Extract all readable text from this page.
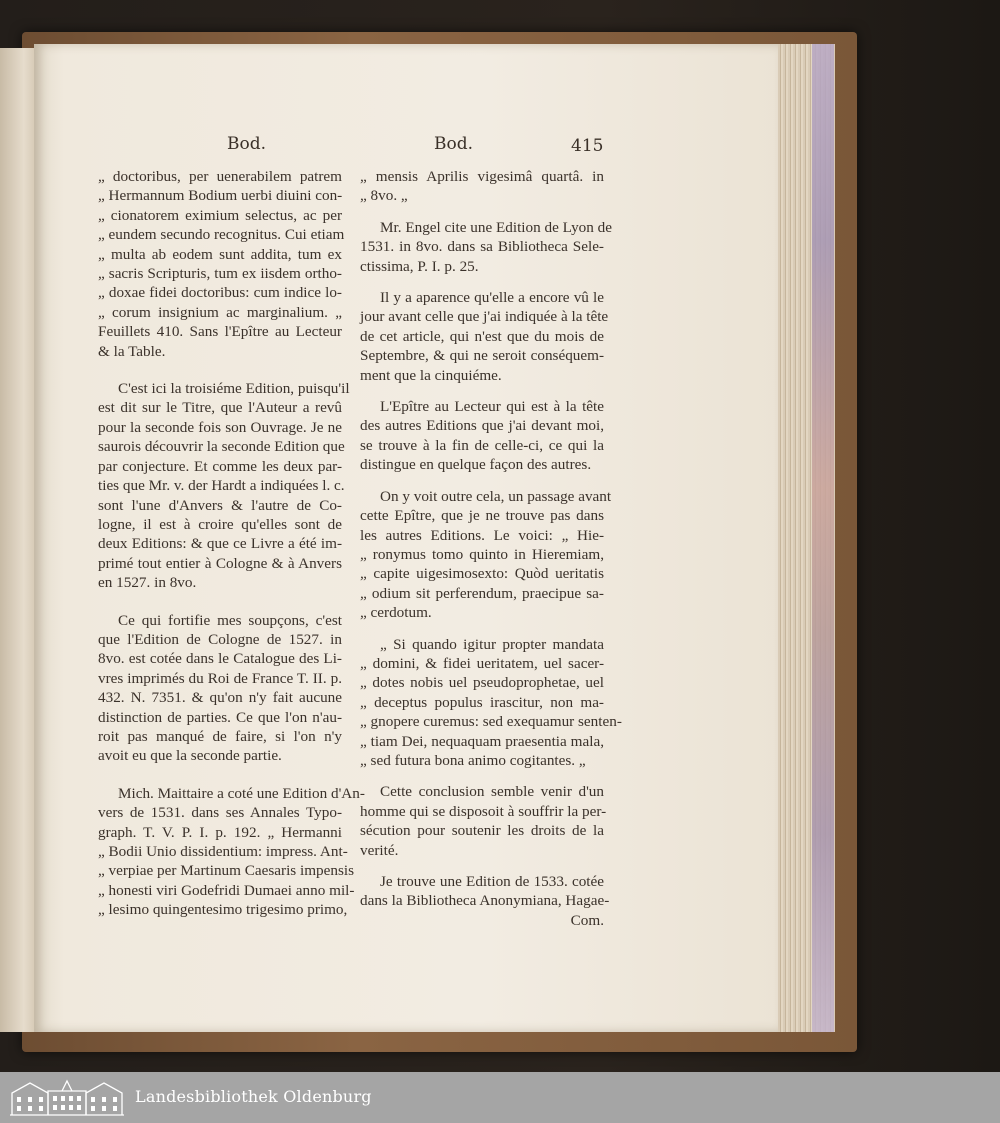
Bod.	Bod.	415

„ doctoribus, per uenerabilem patrem
„ Hermannum Bodium uerbi diuini con-
„ cionatorem eximium selectus, ac per
„ eundem secundo recognitus. Cui etiam
„ multa ab eodem sunt addita, tum ex
„ sacris Scripturis, tum ex iisdem ortho-
„ doxae fidei doctoribus: cum indice lo-
„ corum insignium ac marginalium. „
Feuillets 410. Sans l'Epître au Lecteur
& la Table.

C'est ici la troisiéme Edition, puisqu'il
est dit sur le Titre, que l'Auteur a revû
pour la seconde fois son Ouvrage. Je ne
saurois découvrir la seconde Edition que
par conjecture. Et comme les deux par-
ties que Mr. v. der Hardt a indiquées l. c.
sont l'une d'Anvers & l'autre de Co-
logne, il est à croire qu'elles sont de
deux Editions: & que ce Livre a été im-
primé tout entier à Cologne & à Anvers
en 1527. in 8vo.

Ce qui fortifie mes soupçons, c'est
que l'Edition de Cologne de 1527. in
8vo. est cotée dans le Catalogue des Li-
vres imprimés du Roi de France T. II. p.
432. N. 7351. & qu'on n'y fait aucune
distinction de parties. Ce que l'on n'au-
roit pas manqué de faire, si l'on n'y
avoit eu que la seconde partie.

Mich. Maittaire a coté une Edition d'An-
vers de 1531. dans ses Annales Typo-
graph. T. V. P. I. p. 192. „ Hermanni
„ Bodii Unio dissidentium: impress. Ant-
„ verpiae per Martinum Caesaris impensis
„ honesti viri Godefridi Dumaei anno mil-
„ lesimo quingentesimo trigesimo primo,

„ mensis Aprilis vigesimâ quartâ. in
„ 8vo. „

Mr. Engel cite une Edition de Lyon de
1531. in 8vo. dans sa Bibliotheca Sele-
ctissima, P. I. p. 25.

Il y a aparence qu'elle a encore vû le
jour avant celle que j'ai indiquée à la tête
de cet article, qui n'est que du mois de
Septembre, & qui ne seroit conséquem-
ment que la cinquiéme.

L'Epître au Lecteur qui est à la tête
des autres Editions que j'ai devant moi,
se trouve à la fin de celle-ci, ce qui la
distingue en quelque façon des autres.

On y voit outre cela, un passage avant
cette Epître, que je ne trouve pas dans
les autres Editions. Le voici: „ Hie-
„ ronymus tomo quinto in Hieremiam,
„ capite uigesimosexto: Quòd ueritatis
„ odium sit perferendum, praecipue sa-
„ cerdotum.

„ Si quando igitur propter mandata
„ domini, & fidei ueritatem, uel sacer-
„ dotes nobis uel pseudoprophetae, uel
„ deceptus populus irascitur, non ma-
„ gnopere curemus: sed exequamur senten-
„ tiam Dei, nequaquam praesentia mala,
„ sed futura bona animo cogitantes. „

Cette conclusion semble venir d'un
homme qui se disposoit à souffrir la per-
sécution pour soutenir les droits de la
verité.

Je trouve une Edition de 1533. cotée
dans la Bibliotheca Anonymiana, Hagae-

Com.
Landesbibliothek Oldenburg
